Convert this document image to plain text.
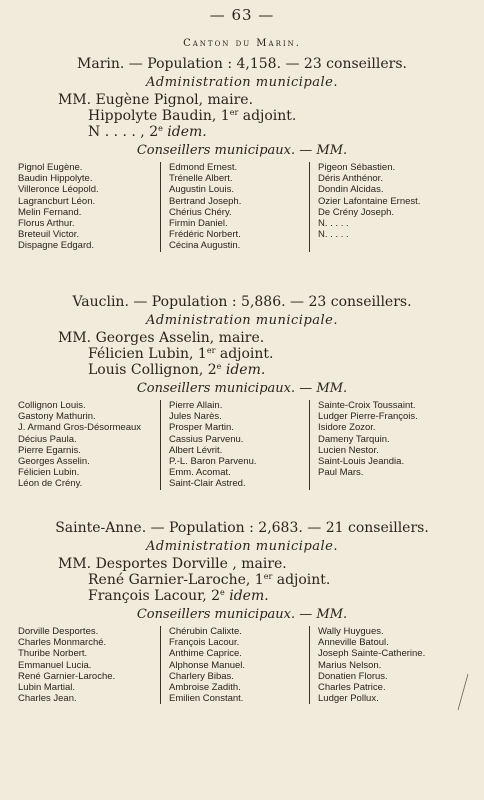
— 63 —
Canton du Marin.
Marin. — Population : 4,158. — 23 conseillers.
Administration municipale.
MM. Eugène Pignol, maire.
Hippolyte Baudin, 1er adjoint.
N . . . . , 2e idem.
Conseillers municipaux. — MM.
Pignol Eugène.
Baudin Hippolyte.
Villeronce Léopold.
Lagrancburt Léon.
Melin Fernand.
Florus Arthur.
Breteuil Victor.
Dispagne Edgard.
Edmond Ernest.
Trénelle Albert.
Augustin Louis.
Bertrand Joseph.
Chérius Chéry.
Firmin Daniel.
Frédéric Norbert.
Cécina Augustin.
Pigeon Sébastien.
Déris Anthénor.
Dondin Alcidas.
Ozier Lafontaine Ernest.
De Crény Joseph.
N. . . . .
N. . . . .
Vauclin. — Population : 5,886. — 23 conseillers.
Administration municipale.
MM. Georges Asselin, maire.
Félicien Lubin, 1er adjoint.
Louis Collignon, 2e idem.
Conseillers municipaux. — MM.
Collignon Louis.
Gastony Mathurin.
J. Armand Gros-Désormeaux
Décius Paula.
Pierre Egarnis.
Georges Asselin.
Félicien Lubin.
Léon de Crény.
Pierre Allain.
Jules Narès.
Prosper Martin.
Cassius Parvenu.
Albert Lévrit.
P.-L. Baron Parvenu.
Emm. Acomat.
Saint-Clair Astred.
Sainte-Croix Toussaint.
Ludger Pierre-François.
Isidore Zozor.
Dameny Tarquin.
Lucien Nestor.
Saint-Louis Jeandia.
Paul Mars.
Sainte-Anne. — Population : 2,683. — 21 conseillers.
Administration municipale.
MM. Desportes Dorville , maire.
René Garnier-Laroche, 1er adjoint.
François Lacour, 2e idem.
Conseillers municipaux. — MM.
Dorville Desportes.
Charles Monmarché.
Thuribe Norbert.
Emmanuel Lucia.
René Garnier-Laroche.
Lubin Martial.
Charles Jean.
Chérubin Calixte.
François Lacour.
Anthime Caprice.
Alphonse Manuel.
Charlery Bibas.
Ambroise Zadith.
Emilien Constant.
Wally Huygues.
Anneville Batoul.
Joseph Sainte-Catherine.
Marius Nelson.
Donatien Florus.
Charles Patrice.
Ludger Pollux.
